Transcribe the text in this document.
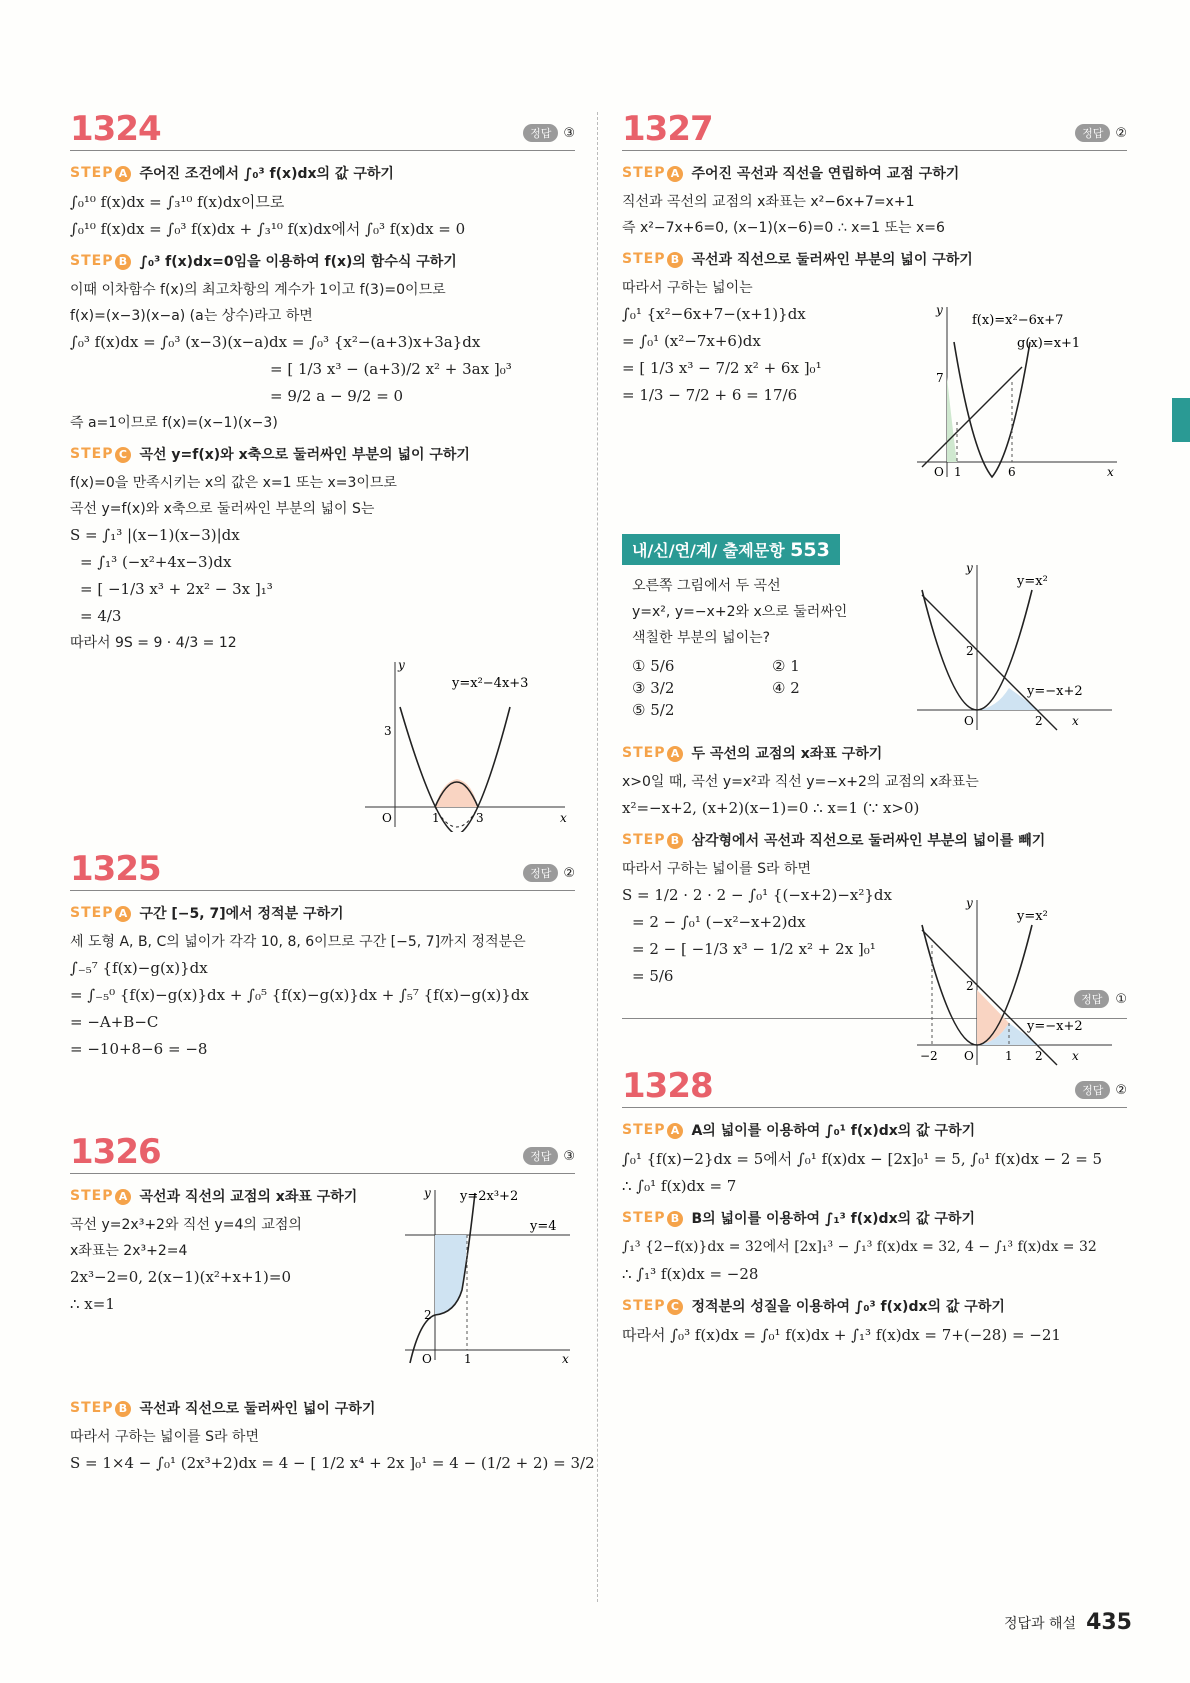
1324	정답 ③
STEP A 주어진 조건에서 ∫₀³ f(x)dx의 값 구하기
∫₀¹⁰ f(x)dx = ∫₃¹⁰ f(x)dx이므로
∫₀¹⁰ f(x)dx = ∫₀³ f(x)dx + ∫₃¹⁰ f(x)dx에서 ∫₀³ f(x)dx = 0
STEP B ∫₀³ f(x)dx=0임을 이용하여 f(x)의 함수식 구하기
이때 이차함수 f(x)의 최고차항의 계수가 1이고 f(3)=0이므로
f(x)=(x−3)(x−a) (a는 상수)라고 하면
∫₀³ f(x)dx = ∫₀³ (x−3)(x−a)dx = ∫₀³ {x²−(a+3)x+3a}dx
= [ 1/3 x³ − (a+3)/2 x² + 3ax ]₀³
= 9/2 a − 9/2 = 0
즉 a=1이므로 f(x)=(x−1)(x−3)
STEP C 곡선 y=f(x)와 x축으로 둘러싸인 부분의 넓이 구하기
f(x)=0을 만족시키는 x의 값은 x=1 또는 x=3이므로
곡선 y=f(x)와 x축으로 둘러싸인 부분의 넓이 S는
S = ∫₁³ |(x−1)(x−3)|dx
= ∫₁³ (−x²+4x−3)dx
= [ −1/3 x³ + 2x² − 3x ]₁³
= 4/3
따라서 9S = 9 · 4/3 = 12
y=x²−4x+3
y
x
O	1	3
3
1325	정답 ②
STEP A 구간 [−5, 7]에서 정적분 구하기
세 도형 A, B, C의 넓이가 각각 10, 8, 6이므로 구간 [−5, 7]까지 정적분은
∫₋₅⁷ {f(x)−g(x)}dx
= ∫₋₅⁰ {f(x)−g(x)}dx + ∫₀⁵ {f(x)−g(x)}dx + ∫₅⁷ {f(x)−g(x)}dx
= −A+B−C
= −10+8−6 = −8
1326	정답 ③
STEP A 곡선과 직선의 교점의 x좌표 구하기
곡선 y=2x³+2와 직선 y=4의 교점의
x좌표는 2x³+2=4
2x³−2=0, 2(x−1)(x²+x+1)=0
∴ x=1
STEP B 곡선과 직선으로 둘러싸인 넓이 구하기
따라서 구하는 넓이를 S라 하면
S = 1×4 − ∫₀¹ (2x³+2)dx = 4 − [ 1/2 x⁴ + 2x ]₀¹ = 4 − (1/2 + 2) = 3/2
y=2x³+2
y=4
y
x
O	1
2
1327	정답 ②
STEP A 주어진 곡선과 직선을 연립하여 교점 구하기
직선과 곡선의 교점의 x좌표는 x²−6x+7=x+1
즉 x²−7x+6=0, (x−1)(x−6)=0 ∴ x=1 또는 x=6
STEP B 곡선과 직선으로 둘러싸인 부분의 넓이 구하기
따라서 구하는 넓이는
∫₀¹ {x²−6x+7−(x+1)}dx
= ∫₀¹ (x²−7x+6)dx
= [ 1/3 x³ − 7/2 x² + 6x ]₀¹
= 1/3 − 7/2 + 6 = 17/6
f(x)=x²−6x+7
g(x)=x+1
y
x
O 1	6
7
내/신/연/계/ 출제문항 553
오른쪽 그림에서 두 곡선
y=x², y=−x+2와 x으로 둘러싸인
색칠한 부분의 넓이는?
① 5/6	② 1
③ 3/2	④ 2
⑤ 5/2
y=x²
y=−x+2
y
x
O	2
2
STEP A 두 곡선의 교점의 x좌표 구하기
x>0일 때, 곡선 y=x²과 직선 y=−x+2의 교점의 x좌표는
x²=−x+2, (x+2)(x−1)=0 ∴ x=1 (∵ x>0)
STEP B 삼각형에서 곡선과 직선으로 둘러싸인 부분의 넓이를 빼기
따라서 구하는 넓이를 S라 하면
S = 1/2 · 2 · 2 − ∫₀¹ {(−x+2)−x²}dx
= 2 − ∫₀¹ (−x²−x+2)dx
= 2 − [ −1/3 x³ − 1/2 x² + 2x ]₀¹
= 5/6
y=x²
y=−x+2
y
x
O
−2	1 2
2
정답	①
1328	정답 ②
STEP A A의 넓이를 이용하여 ∫₀¹ f(x)dx의 값 구하기
∫₀¹ {f(x)−2}dx = 5에서 ∫₀¹ f(x)dx − [2x]₀¹ = 5, ∫₀¹ f(x)dx − 2 = 5
∴ ∫₀¹ f(x)dx = 7
STEP B B의 넓이를 이용하여 ∫₁³ f(x)dx의 값 구하기
∫₁³ {2−f(x)}dx = 32에서 [2x]₁³ − ∫₁³ f(x)dx = 32, 4 − ∫₁³ f(x)dx = 32
∴ ∫₁³ f(x)dx = −28
STEP C 정적분의 성질을 이용하여 ∫₀³ f(x)dx의 값 구하기
따라서 ∫₀³ f(x)dx = ∫₀¹ f(x)dx + ∫₁³ f(x)dx = 7+(−28) = −21
정답과 해설 435
